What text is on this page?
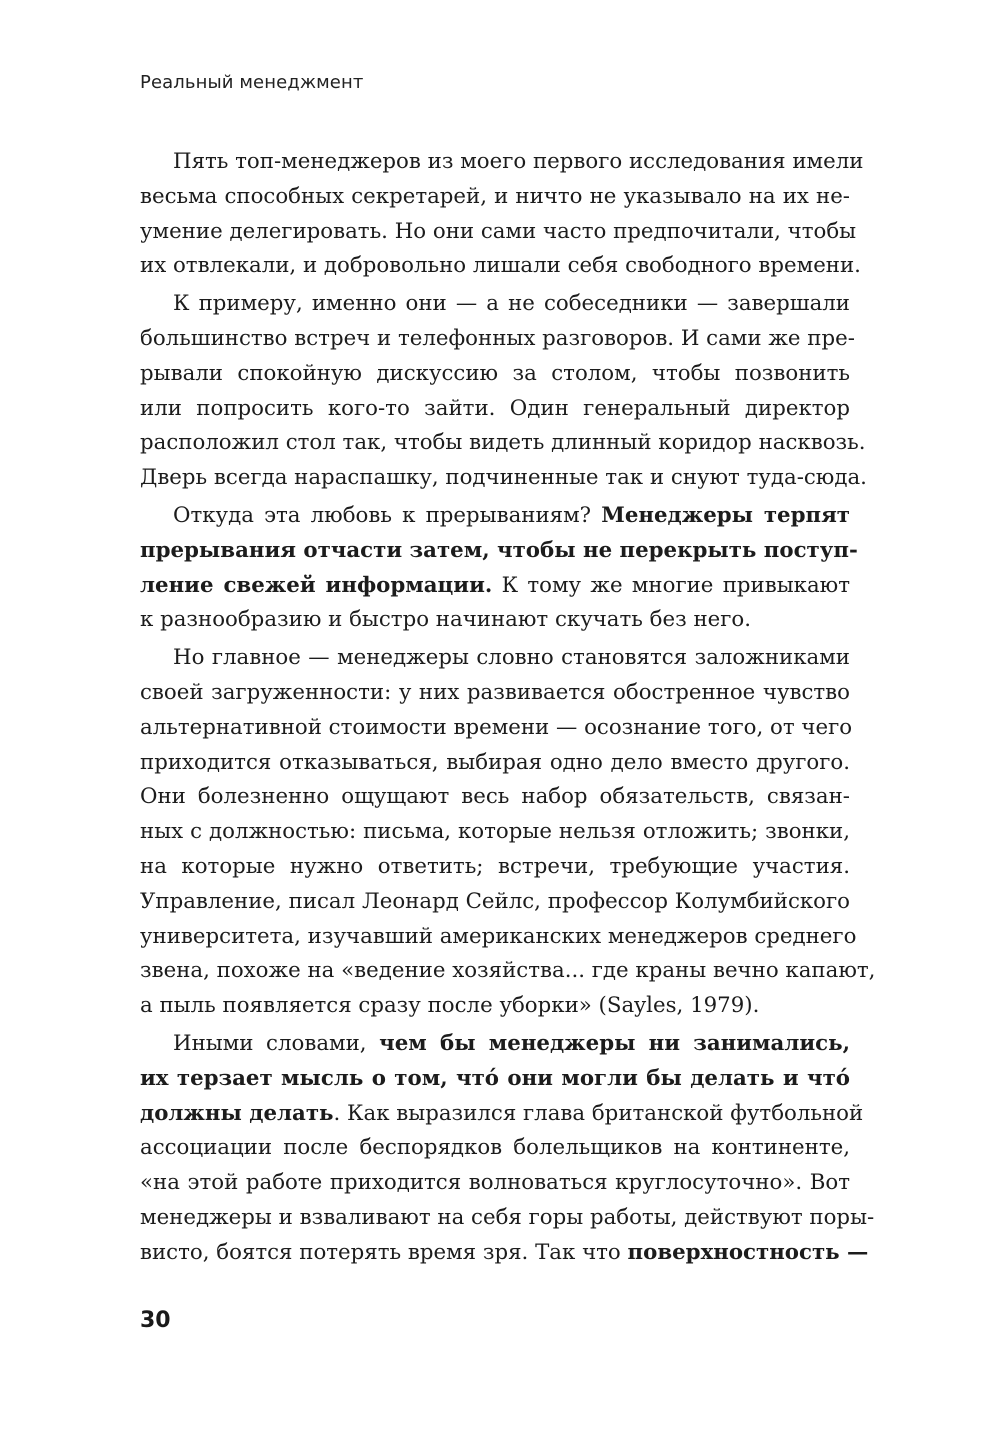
Реальный менеджмент
Пять топ-менеджеров из моего первого исследования имели
весьма способных секретарей, и ничто не указывало на их не-
умение делегировать. Но они сами часто предпочитали, чтобы
их отвлекали, и добровольно лишали себя свободного времени.
К примеру, именно они — а не собеседники — завершали
большинство встреч и телефонных разговоров. И сами же пре-
рывали спокойную дискуссию за столом, чтобы позвонить
или попросить кого-то зайти. Один генеральный директор
расположил стол так, чтобы видеть длинный коридор насквозь.
Дверь всегда нараспашку, подчиненные так и снуют туда-сюда.
Откуда эта любовь к прерываниям? Менеджеры терпят
прерывания отчасти затем, чтобы не перекрыть поступ-
ление свежей информации. К тому же многие привыкают
к разнообразию и быстро начинают скучать без него.
Но главное — менеджеры словно становятся заложниками
своей загруженности: у них развивается обостренное чувство
альтернативной стоимости времени — осознание того, от чего
приходится отказываться, выбирая одно дело вместо другого.
Они болезненно ощущают весь набор обязательств, связан-
ных с должностью: письма, которые нельзя отложить; звонки,
на которые нужно ответить; встречи, требующие участия.
Управление, писал Леонард Сейлс, профессор Колумбийского
университета, изучавший американских менеджеров среднего
звена, похоже на «ведение хозяйства... где краны вечно капают,
а пыль появляется сразу после уборки» (Sayles, 1979).
Иными словами, чем бы менеджеры ни занимались,
их терзает мысль о том, чтó они могли бы делать и чтó
должны делать. Как выразился глава британской футбольной
ассоциации после беспорядков болельщиков на континенте,
«на этой работе приходится волноваться круглосуточно». Вот
менеджеры и взваливают на себя горы работы, действуют поры-
висто, боятся потерять время зря. Так что поверхностность —
30
